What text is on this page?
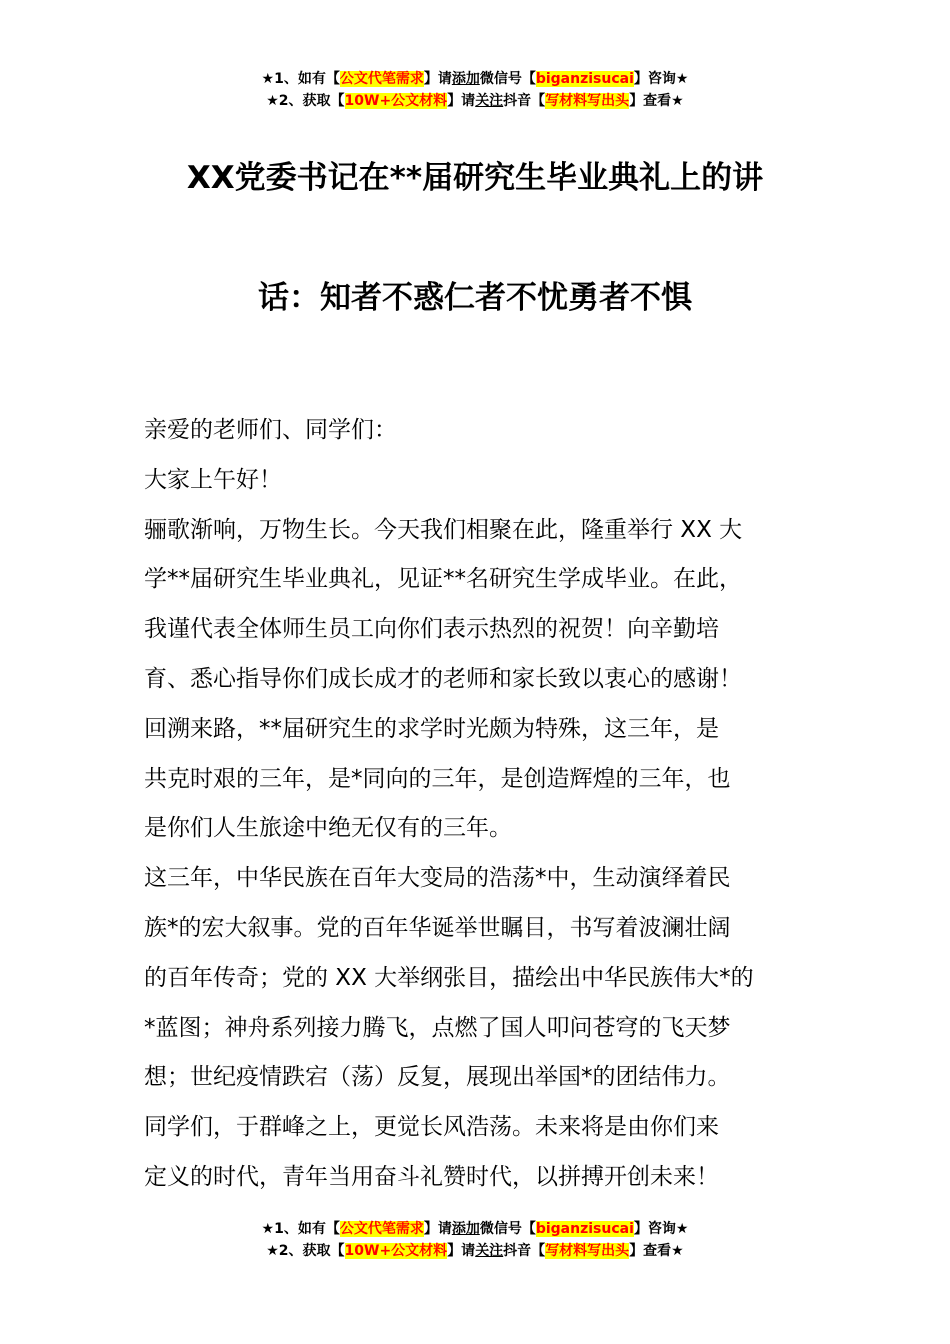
★1、如有【公文代笔需求】请添加微信号【biganzisucai】咨询★
★2、获取【10W+公文材料】请关注抖音【写材料写出头】查看★
XX党委书记在**届研究生毕业典礼上的讲
话：知者不惑仁者不忧勇者不惧

亲爱的老师们、同学们：

大家上午好！

骊歌渐响，万物生长。今天我们相聚在此，隆重举行 XX 大

学**届研究生毕业典礼，见证**名研究生学成毕业。在此，

我谨代表全体师生员工向你们表示热烈的祝贺！向辛勤培

育、悉心指导你们成长成才的老师和家长致以衷心的感谢！

回溯来路，**届研究生的求学时光颇为特殊，这三年，是

共克时艰的三年，是*同向的三年，是创造辉煌的三年，也

是你们人生旅途中绝无仅有的三年。

这三年，中华民族在百年大变局的浩荡*中，生动演绎着民

族*的宏大叙事。党的百年华诞举世瞩目，书写着波澜壮阔

的百年传奇；党的 XX 大举纲张目，描绘出中华民族伟大*的

*蓝图；神舟系列接力腾飞，点燃了国人叩问苍穹的飞天梦

想；世纪疫情跌宕（荡）反复，展现出举国*的团结伟力。

同学们，于群峰之上，更觉长风浩荡。未来将是由你们来

定义的时代，青年当用奋斗礼赞时代，以拼搏开创未来！

★1、如有【公文代笔需求】请添加微信号【biganzisucai】咨询★
★2、获取【10W+公文材料】请关注抖音【写材料写出头】查看★
